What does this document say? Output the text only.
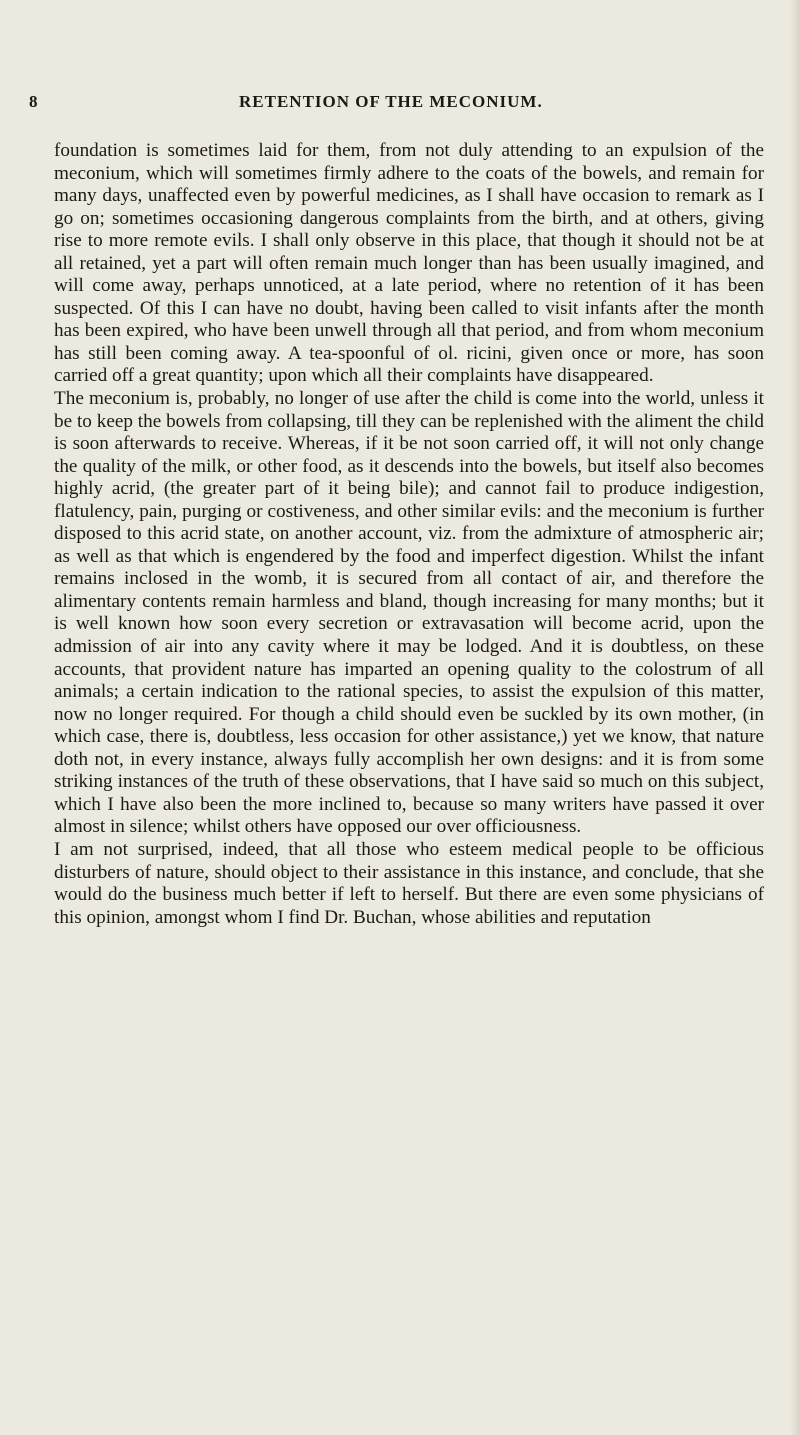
8	RETENTION OF THE MECONIUM.

foundation is sometimes laid for them, from not duly attending to an expulsion of the meconium, which will sometimes firmly adhere to the coats of the bowels, and remain for many days, unaffected even by powerful medicines, as I shall have occasion to remark as I go on; sometimes occasioning dangerous complaints from the birth, and at others, giving rise to more remote evils. I shall only observe in this place, that though it should not be at all retained, yet a part will often remain much longer than has been usually imagined, and will come away, perhaps unnoticed, at a late period, where no retention of it has been suspected. Of this I can have no doubt, having been called to visit infants after the month has been expired, who have been unwell through all that period, and from whom meconium has still been coming away. A tea-spoonful of ol. ricini, given once or more, has soon carried off a great quantity; upon which all their complaints have disappeared.

The meconium is, probably, no longer of use after the child is come into the world, unless it be to keep the bowels from collapsing, till they can be replenished with the aliment the child is soon afterwards to receive. Whereas, if it be not soon carried off, it will not only change the quality of the milk, or other food, as it descends into the bowels, but itself also becomes highly acrid, (the greater part of it being bile); and cannot fail to produce indigestion, flatulency, pain, purging or costiveness, and other similar evils: and the meconium is further disposed to this acrid state, on another account, viz. from the admixture of atmospheric air; as well as that which is engendered by the food and imperfect digestion. Whilst the infant remains inclosed in the womb, it is secured from all contact of air, and therefore the alimentary contents remain harmless and bland, though increasing for many months; but it is well known how soon every secretion or extravasation will become acrid, upon the admission of air into any cavity where it may be lodged. And it is doubtless, on these accounts, that provident nature has imparted an opening quality to the colostrum of all animals; a certain indication to the rational species, to assist the expulsion of this matter, now no longer required. For though a child should even be suckled by its own mother, (in which case, there is, doubtless, less occasion for other assistance,) yet we know, that nature doth not, in every instance, always fully accomplish her own designs: and it is from some striking instances of the truth of these observations, that I have said so much on this subject, which I have also been the more inclined to, because so many writers have passed it over almost in silence; whilst others have opposed our over officiousness.

I am not surprised, indeed, that all those who esteem medical people to be officious disturbers of nature, should object to their assistance in this instance, and conclude, that she would do the business much better if left to herself. But there are even some physicians of this opinion, amongst whom I find Dr. Buchan, whose abilities and reputation
